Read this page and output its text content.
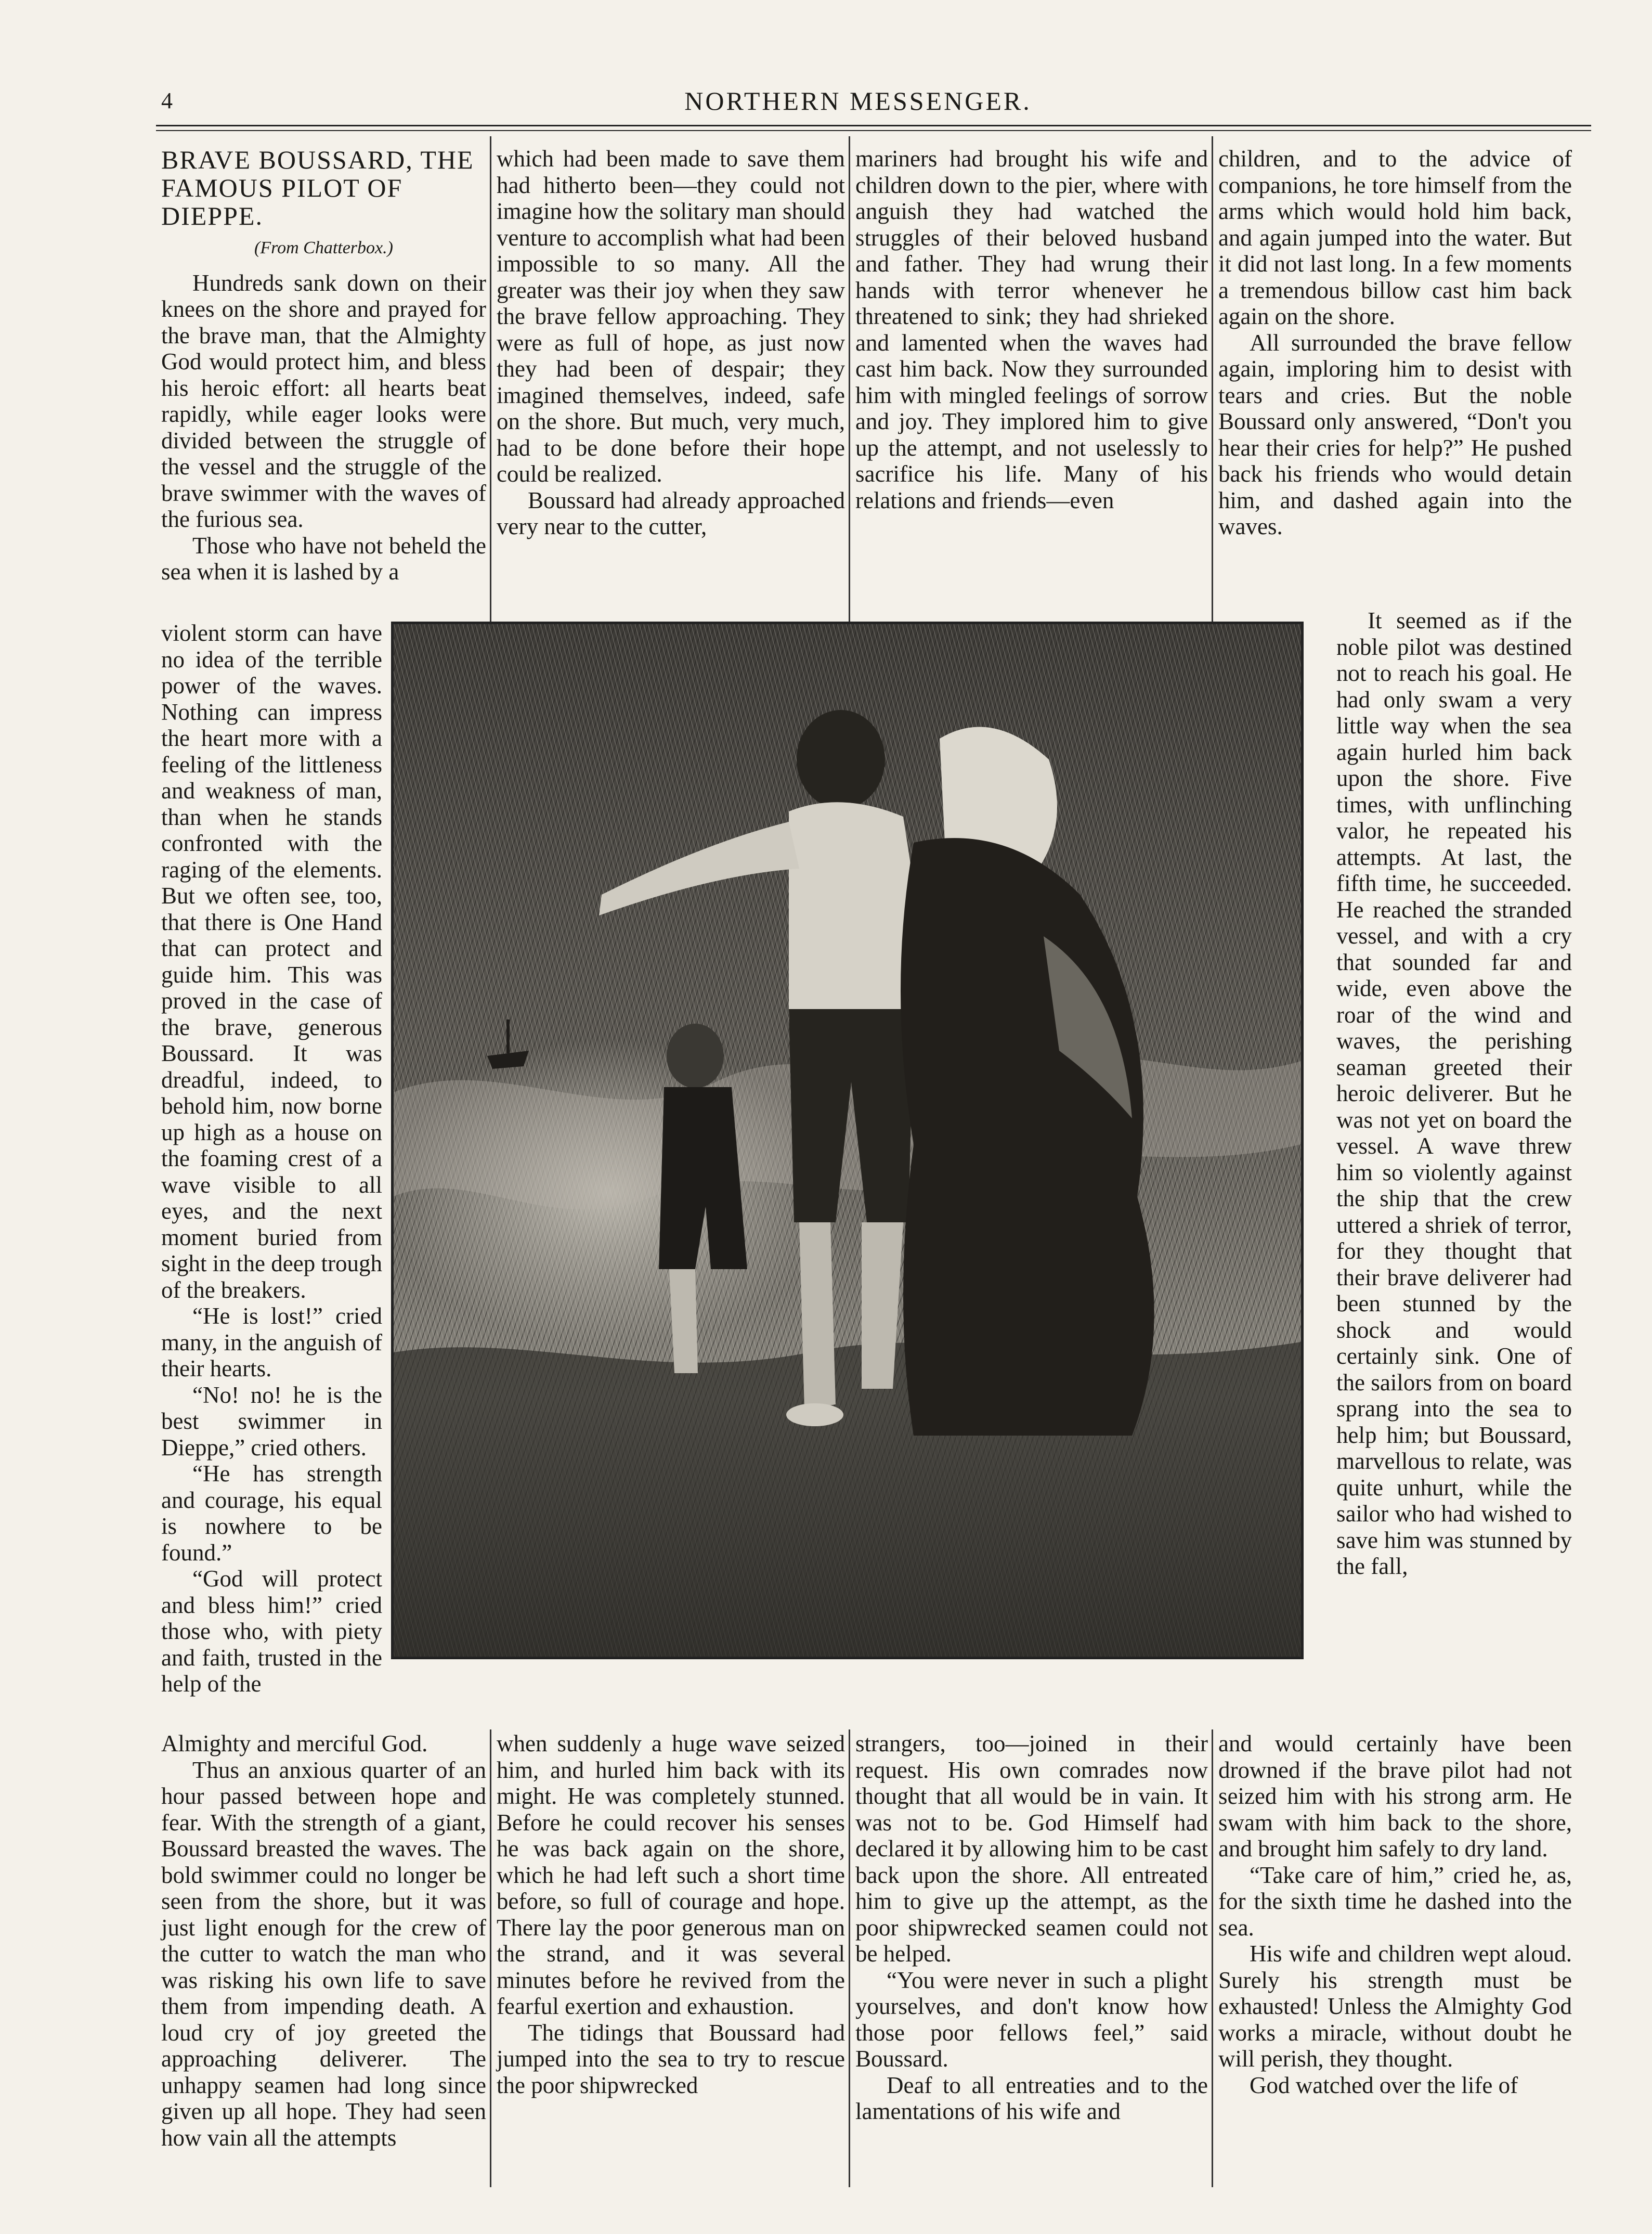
4	NORTHERN MESSENGER.
BRAVE BOUSSARD, THE FAMOUS PILOT OF DIEPPE.
(From Chatterbox.)

Hundreds sank down on their knees on the shore and prayed for the brave man, that the Almighty God would protect him, and bless his heroic effort: all hearts beat rapidly, while eager looks were divided between the struggle of the vessel and the struggle of the brave swimmer with the waves of the furious sea.

Those who have not beheld the sea when it is lashed by a

violent storm can have no idea of the terrible power of the waves. Nothing can impress the heart more with a feeling of the littleness and weakness of man, than when he stands confronted with the raging of the elements. But we often see, too, that there is One Hand that can protect and guide him. This was proved in the case of the brave, generous Boussard. It was dreadful, indeed, to behold him, now borne up high as a house on the foaming crest of a wave visible to all eyes, and the next moment buried from sight in the deep trough of the breakers.

“He is lost!” cried many, in the anguish of their hearts.

“No! no! he is the best swimmer in Dieppe,” cried others.

“He has strength and courage, his equal is nowhere to be found.”

“God will protect and bless him!” cried those who, with piety and faith, trusted in the help of the

Almighty and merciful God.

Thus an anxious quarter of an hour passed between hope and fear. With the strength of a giant, Boussard breasted the waves. The bold swimmer could no longer be seen from the shore, but it was just light enough for the crew of the cutter to watch the man who was risking his own life to save them from impending death. A loud cry of joy greeted the approaching deliverer. The unhappy seamen had long since given up all hope. They had seen how vain all the attempts

which had been made to save them had hitherto been—they could not imagine how the solitary man should venture to accomplish what had been impossible to so many. All the greater was their joy when they saw the brave fellow approaching. They were as full of hope, as just now they had been of despair; they imagined themselves, indeed, safe on the shore. But much, very much, had to be done before their hope could be realized.

Boussard had already approached very near to the cutter,

when suddenly a huge wave seized him, and hurled him back with its might. He was completely stunned. Before he could recover his senses he was back again on the shore, which he had left such a short time before, so full of courage and hope. There lay the poor generous man on the strand, and it was several minutes before he revived from the fearful exertion and exhaustion.

The tidings that Boussard had jumped into the sea to try to rescue the poor shipwrecked

mariners had brought his wife and children down to the pier, where with anguish they had watched the struggles of their beloved husband and father. They had wrung their hands with terror whenever he threatened to sink; they had shrieked and lamented when the waves had cast him back. Now they surrounded him with mingled feelings of sorrow and joy. They implored him to give up the attempt, and not uselessly to sacrifice his life. Many of his relations and friends—even

strangers, too—joined in their request. His own comrades now thought that all would be in vain. It was not to be. God Himself had declared it by allowing him to be cast back upon the shore. All entreated him to give up the attempt, as the poor shipwrecked seamen could not be helped.

“You were never in such a plight yourselves, and don't know how those poor fellows feel,” said Boussard.

Deaf to all entreaties and to the lamentations of his wife and

children, and to the advice of companions, he tore himself from the arms which would hold him back, and again jumped into the water. But it did not last long. In a few moments a tremendous billow cast him back again on the shore.

All surrounded the brave fellow again, imploring him to desist with tears and cries. But the noble Boussard only answered, “Don't you hear their cries for help?” He pushed back his friends who would detain him, and dashed again into the waves.

It seemed as if the noble pilot was destined not to reach his goal. He had only swam a very little way when the sea again hurled him back upon the shore. Five times, with unflinching valor, he repeated his attempts. At last, the fifth time, he succeeded. He reached the stranded vessel, and with a cry that sounded far and wide, even above the roar of the wind and waves, the perishing seaman greeted their heroic deliverer. But he was not yet on board the vessel. A wave threw him so violently against the ship that the crew uttered a shriek of terror, for they thought that their brave deliverer had been stunned by the shock and would certainly sink. One of the sailors from on board sprang into the sea to help him; but Boussard, marvellous to relate, was quite unhurt, while the sailor who had wished to save him was stunned by the fall,

and would certainly have been drowned if the brave pilot had not seized him with his strong arm. He swam with him back to the shore, and brought him safely to dry land.

“Take care of him,” cried he, as, for the sixth time he dashed into the sea.

His wife and children wept aloud. Surely his strength must be exhausted! Unless the Almighty God works a miracle, without doubt he will perish, they thought.

God watched over the life of
